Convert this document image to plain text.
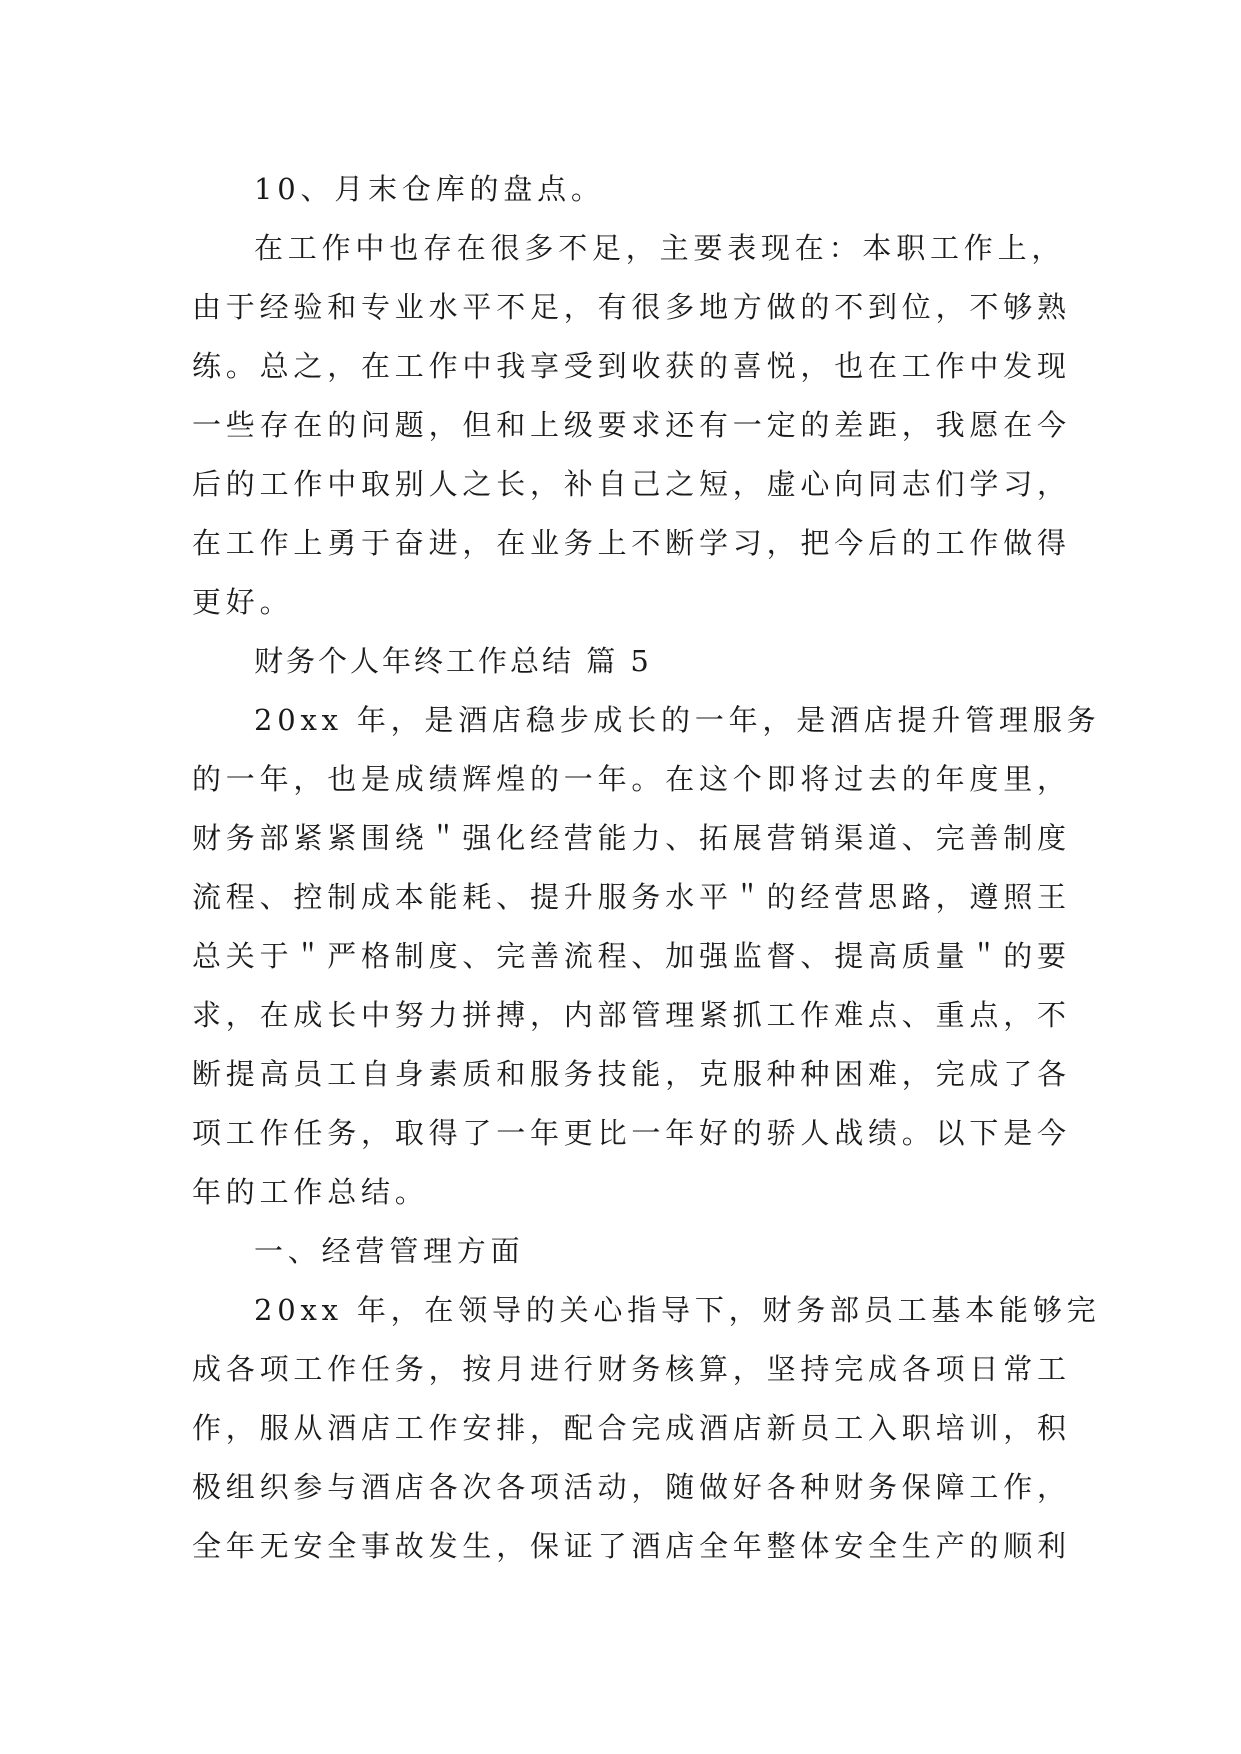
10、月末仓库的盘点。
在工作中也存在很多不足，主要表现在：本职工作上，
由于经验和专业水平不足，有很多地方做的不到位，不够熟
练。总之，在工作中我享受到收获的喜悦，也在工作中发现
一些存在的问题，但和上级要求还有一定的差距，我愿在今
后的工作中取别人之长，补自己之短，虚心向同志们学习，
在工作上勇于奋进，在业务上不断学习，把今后的工作做得
更好。
财务个人年终工作总结 篇 5
20xx 年，是酒店稳步成长的一年，是酒店提升管理服务
的一年，也是成绩辉煌的一年。在这个即将过去的年度里，
财务部紧紧围绕＂强化经营能力、拓展营销渠道、完善制度
流程、控制成本能耗、提升服务水平＂的经营思路，遵照王
总关于＂严格制度、完善流程、加强监督、提高质量＂的要
求，在成长中努力拼搏，内部管理紧抓工作难点、重点，不
断提高员工自身素质和服务技能，克服种种困难，完成了各
项工作任务，取得了一年更比一年好的骄人战绩。以下是今
年的工作总结。
一、经营管理方面
20xx 年，在领导的关心指导下，财务部员工基本能够完
成各项工作任务，按月进行财务核算，坚持完成各项日常工
作，服从酒店工作安排，配合完成酒店新员工入职培训，积
极组织参与酒店各次各项活动，随做好各种财务保障工作，
全年无安全事故发生，保证了酒店全年整体安全生产的顺利
